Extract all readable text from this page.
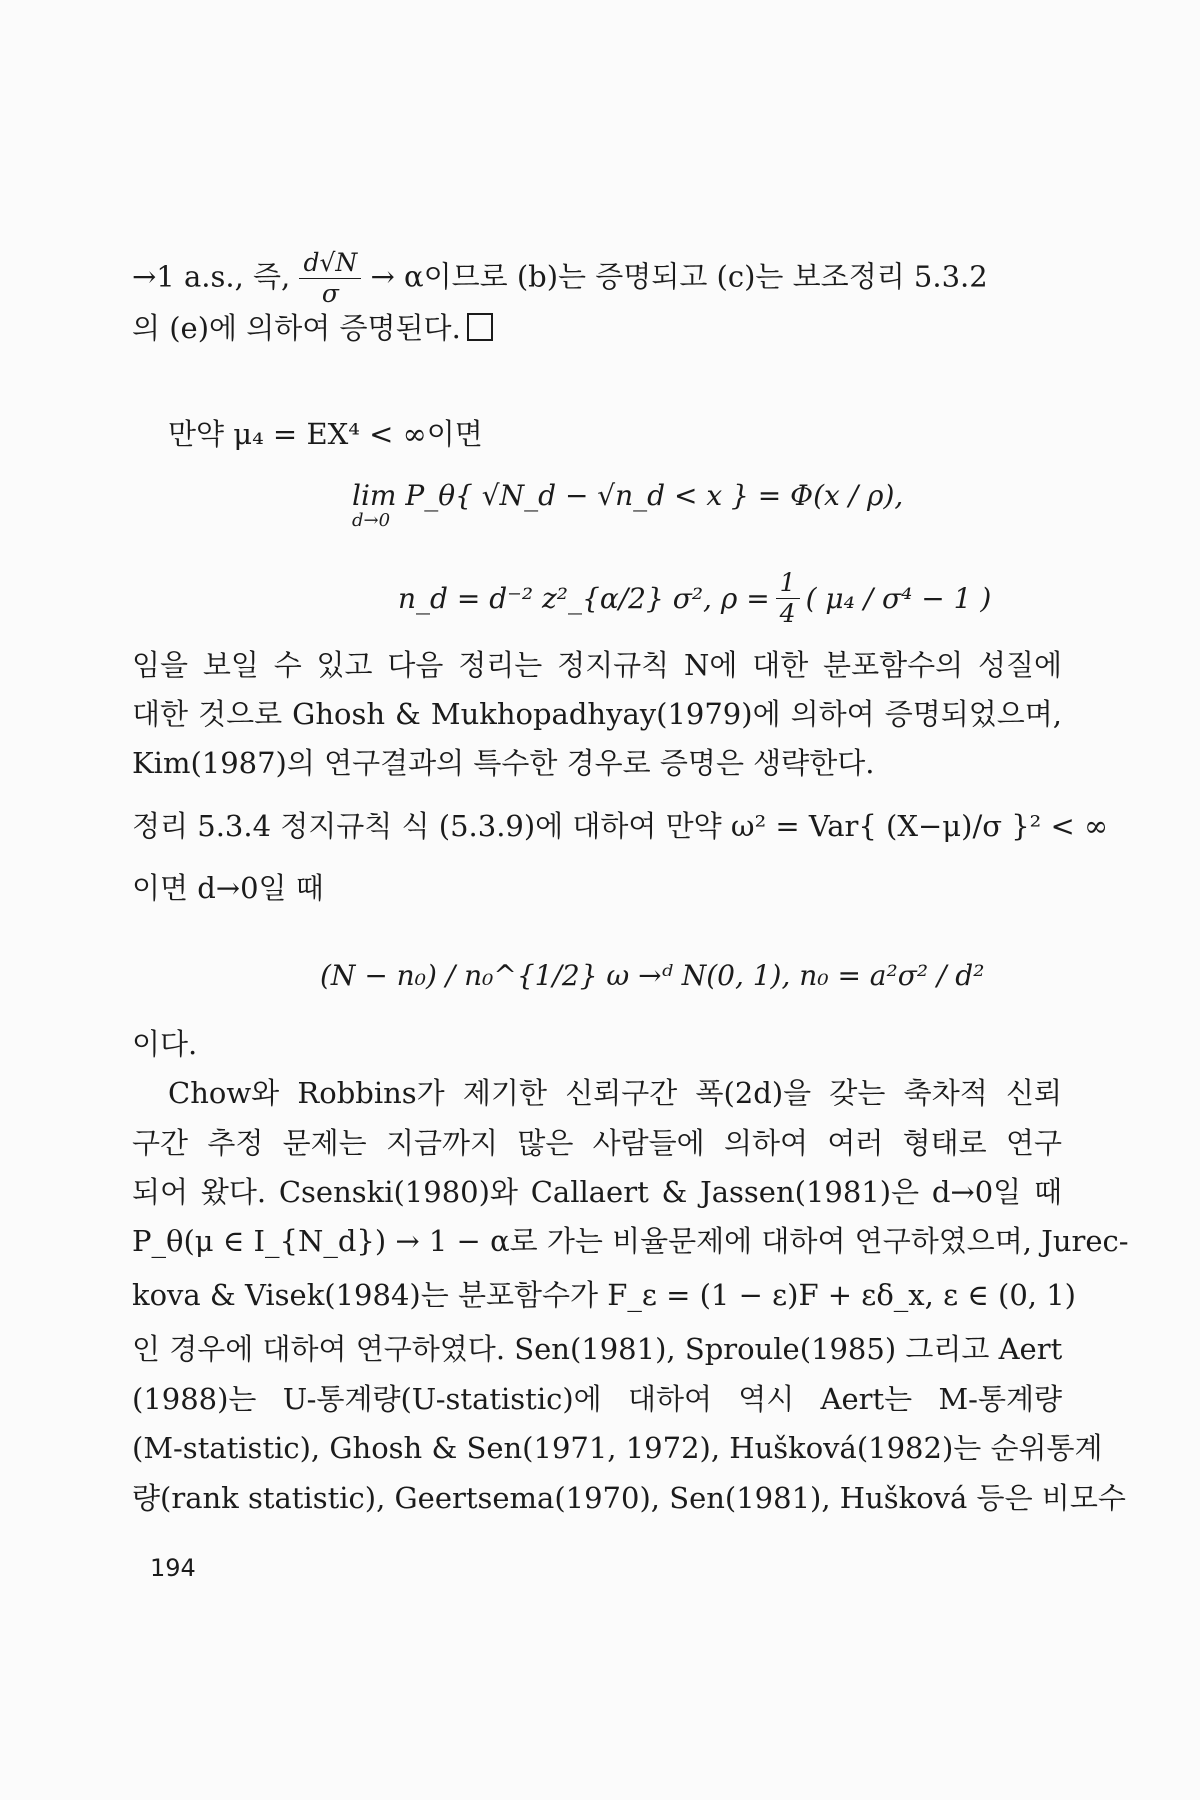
→1 a.s., 즉, $\frac{d√N}{\sigma} \to \alpha$이므로 (b)는 증명되고 (c)는 보조정리 5.3.2

의 (e)에 의하여 증명된다.

만약 μ₄ = EX⁴ < ∞이면

lim P_θ{ √N_d − √n_d < x } = Φ(x / ρ),
d→0
n_d = d⁻² z²_{α/2} σ², $\rho = \frac{1}{4}$ ( μ₄ / σ⁴ − 1 )

임을 보일 수 있고 다음 정리는 정지규칙 N에 대한 분포함수의 성질에

대한 것으로 Ghosh & Mukhopadhyay(1979)에 의하여 증명되었으며,

Kim(1987)의 연구결과의 특수한 경우로 증명은 생략한다.

정리 5.3.4 정지규칙 식 (5.3.9)에 대하여 만약 ω² = Var{ (X−μ)/σ }² < ∞

이면 d→0일 때

(N − n₀) / n₀^{1/2} ω →ᵈ N(0, 1), n₀ = a²σ² / d²

이다.

Chow와 Robbins가 제기한 신뢰구간 폭(2d)을 갖는 축차적 신뢰

구간 추정 문제는 지금까지 많은 사람들에 의하여 여러 형태로 연구

되어 왔다. Csenski(1980)와 Callaert & Jassen(1981)은 d→0일 때

P_θ(μ ∈ I_{N_d}) → 1 − α로 가는 비율문제에 대하여 연구하였으며, Jurec-

kova & Visek(1984)는 분포함수가 F_ε = (1 − ε)F + εδ_x, ε ∈ (0, 1)

인 경우에 대하여 연구하였다. Sen(1981), Sproule(1985) 그리고 Aert

(1988)는 U-통계량(U-statistic)에 대하여 역시 Aert는 M-통계량

(M-statistic), Ghosh & Sen(1971, 1972), Hušková(1982)는 순위통계

량(rank statistic), Geertsema(1970), Sen(1981), Hušková 등은 비모수

194
